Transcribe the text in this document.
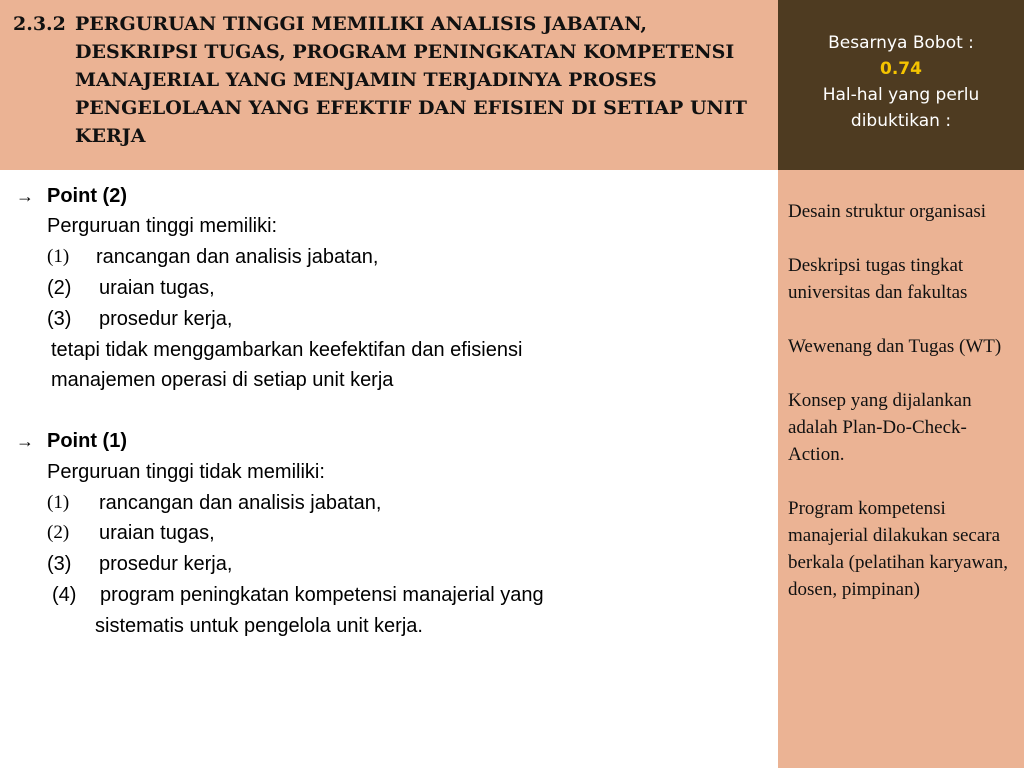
2.3.2 PERGURUAN TINGGI MEMILIKI ANALISIS JABATAN, DESKRIPSI TUGAS, PROGRAM PENINGKATAN KOMPETENSI MANAJERIAL YANG MENJAMIN TERJADINYA PROSES PENGELOLAAN YANG EFEKTIF DAN EFISIEN DI SETIAP UNIT KERJA
Besarnya Bobot :
0.74
Hal-hal yang perlu dibuktikan :
→ Point (2)
Perguruan tinggi memiliki:
(1) rancangan dan analisis jabatan,
(2) uraian tugas,
(3) prosedur kerja,
tetapi tidak menggambarkan keefektifan dan efisiensi
manajemen operasi di setiap unit kerja
→ Point (1)
Perguruan tinggi tidak memiliki:
(1) rancangan dan analisis jabatan,
(2) uraian tugas,
(3) prosedur kerja,
(4) program peningkatan kompetensi manajerial yang
sistematis untuk pengelola unit kerja.
Desain struktur organisasi
Deskripsi tugas tingkat universitas dan fakultas
Wewenang dan Tugas (WT)
Konsep yang dijalankan adalah Plan-Do-Check-Action.
Program kompetensi manajerial dilakukan secara berkala (pelatihan karyawan, dosen, pimpinan)
